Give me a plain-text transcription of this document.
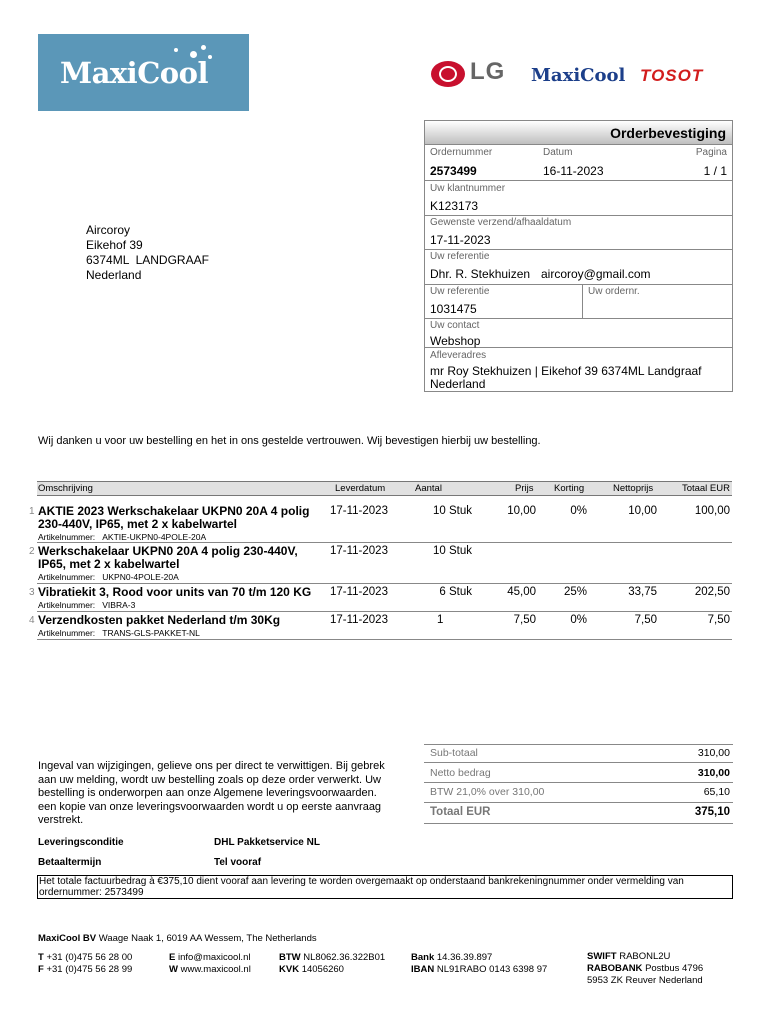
MaxiCool	LG MaxiCool TOSOT
Orderbevestiging
Ordernummer
2573499
Datum
16-11-2023
Pagina
1 / 1
Uw klantnummer
K123173
Gewenste verzend/afhaaldatum
17-11-2023
Uw referentie
Dhr. R. Stekhuizen aircoroy@gmail.com
Uw referentie
1031475
Uw ordernr.
Uw contact
Webshop
Afleveradres
mr Roy Stekhuizen | Eikehof 39 6374ML Landgraaf
Nederland
Aircoroy
Eikehof 39
6374ML  LANDGRAAF
Nederland
Wij danken u voor uw bestelling en het in ons gestelde vertrouwen. Wij bevestigen hierbij uw bestelling.
Omschrijving	Leverdatum	Aantal	Prijs Korting	Nettoprijs	Totaal EUR
1 AKTIE 2023 Werkschakelaar UKPN0 20A 4 polig
230-440V, IP65, met 2 x kabelwartel
Artikelnummer: AKTIE-UKPN0-4POLE-20A
17-11-2023	10 Stuk	10,00	0%	10,00	100,00
2 Werkschakelaar UKPN0 20A 4 polig 230-440V,
IP65, met 2 x kabelwartel
Artikelnummer: UKPN0-4POLE-20A
17-11-2023	10 Stuk
3 Vibratiekit 3, Rood voor units van 70 t/m 120 KG
Artikelnummer: VIBRA-3
17-11-2023	6 Stuk	45,00	25%	33,75	202,50
4 Verzendkosten pakket Nederland t/m 30Kg
Artikelnummer: TRANS-GLS-PAKKET-NL
17-11-2023	1	7,50	0%	7,50	7,50
Ingeval van wijzigingen, gelieve ons per direct te verwittigen. Bij gebrek aan uw melding, wordt uw bestelling zoals op deze order verwerkt. Uw bestelling is onderworpen aan onze Algemene leveringsvoorwaarden. een kopie van onze leveringsvoorwaarden wordt u op eerste aanvraag verstrekt.
Sub-totaal	310,00
Netto bedrag	310,00
BTW 21,0% over 310,00	65,10
Totaal EUR	375,10
Leveringsconditie	DHL Pakketservice NL
Betaaltermijn	Tel vooraf
Het totale factuurbedrag à €375,10 dient vooraf aan levering te worden overgemaakt op onderstaand bankrekeningnummer onder vermelding van ordernummer: 2573499
MaxiCool BV Waage Naak 1, 6019 AA Wessem, The Netherlands
T +31 (0)475 56 28 00
F +31 (0)475 56 28 99
E info@maxicool.nl
W www.maxicool.nl
BTW NL8062.36.322B01
KVK 14056260
Bank 14.36.39.897
IBAN NL91RABO 0143 6398 97
SWIFT RABONL2U
RABOBANK Postbus 4796
5953 ZK Reuver Nederland
